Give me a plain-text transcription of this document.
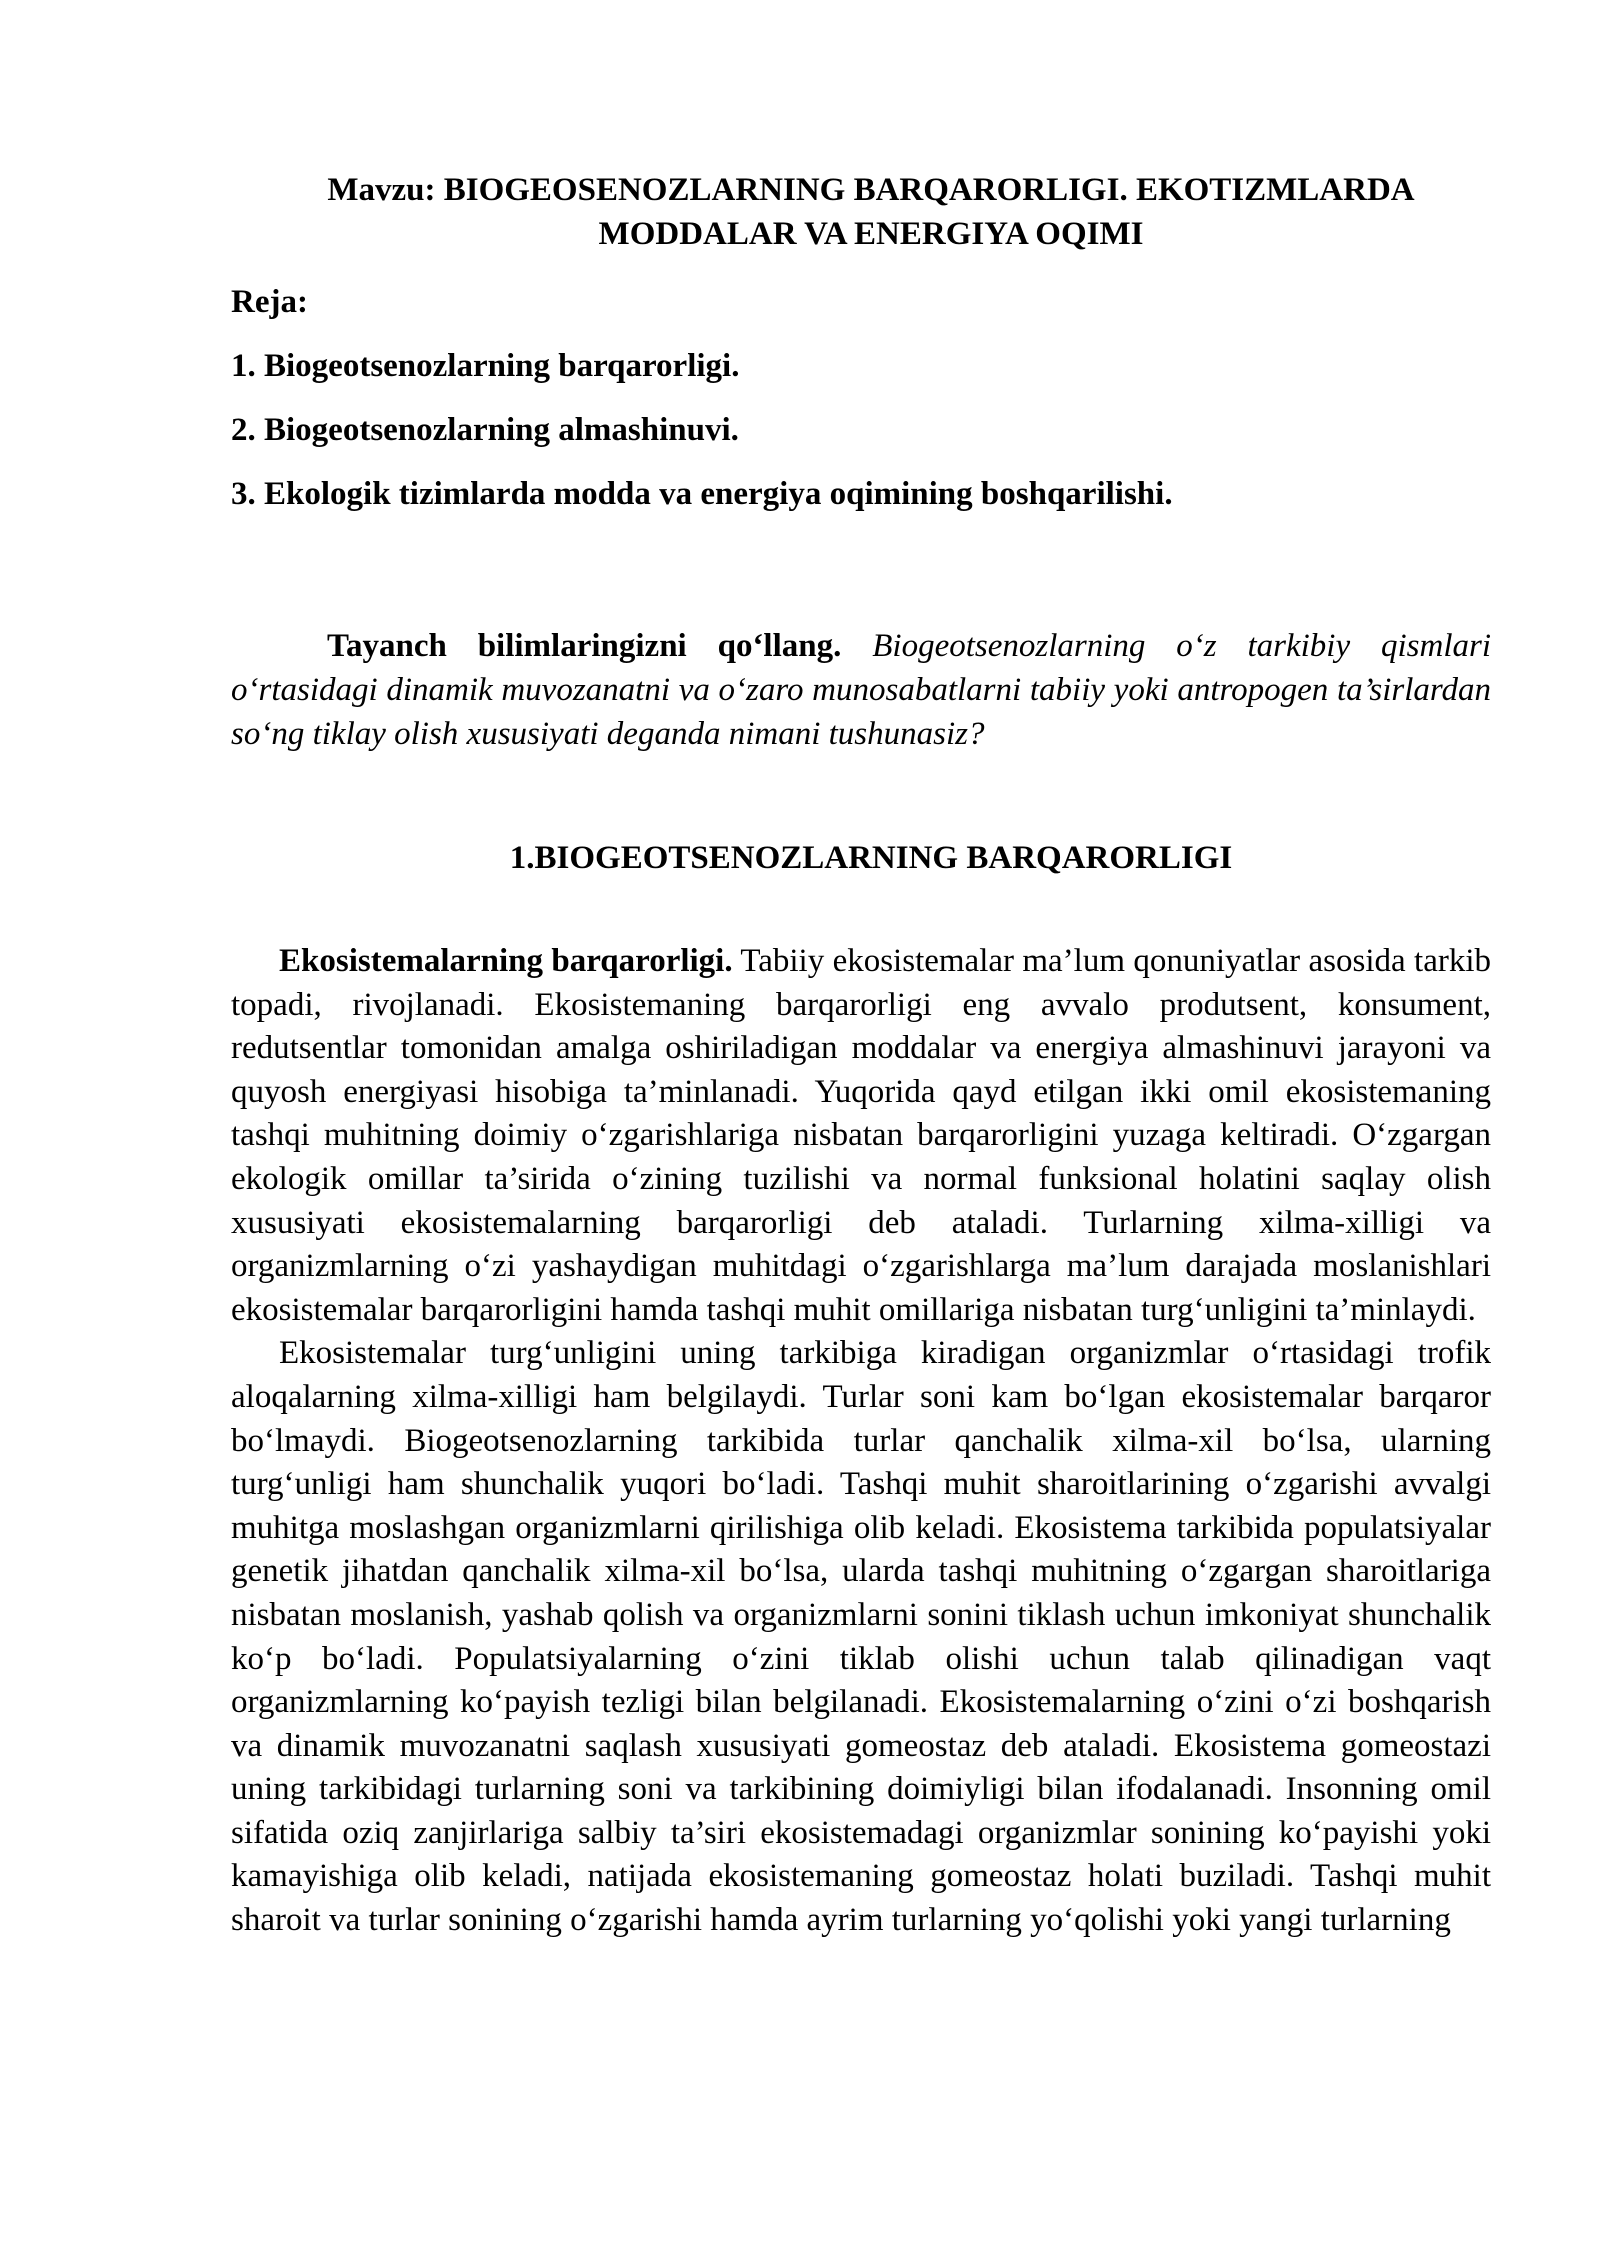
Mavzu: BIOGEOSENOZLARNING BARQARORLIGI. EKOTIZMLARDA
MODDALAR VA ENERGIYA OQIMI

Reja:

1. Biogeotsenozlarning barqarorligi.
2. Biogeotsenozlarning almashinuvi.
3. Ekologik tizimlarda modda va energiya oqimining boshqarilishi.

Tayanch bilimlaringizni qo‘llang. Biogeotsenozlarning o‘z tarkibiy qismlari o‘rtasidagi dinamik muvozanatni va o‘zaro munosabatlarni tabiiy yoki antropogen ta’sirlardan so‘ng tiklay olish xususiyati deganda nimani tushunasiz?

1.BIOGEOTSENOZLARNING BARQARORLIGI

Ekosistemalarning barqarorligi. Tabiiy ekosistemalar ma’lum qonuniyatlar asosida tarkib topadi, rivojlanadi. Ekosistemaning barqarorligi eng avvalo produtsent, konsument, redutsentlar tomonidan amalga oshiriladigan moddalar va energiya almashinuvi jarayoni va quyosh energiyasi hisobiga ta’minlanadi. Yuqorida qayd etilgan ikki omil ekosistemaning tashqi muhitning doimiy o‘zgarishlariga nisbatan barqarorligini yuzaga keltiradi. O‘zgargan ekologik omillar ta’sirida o‘zining tuzilishi va normal funksional holatini saqlay olish xususiyati ekosistemalarning barqarorligi deb ataladi. Turlarning xilma-xilligi va organizmlarning o‘zi yashaydigan muhitdagi o‘zgarishlarga ma’lum darajada moslanishlari ekosistemalar barqarorligini hamda tashqi muhit omillariga nisbatan turg‘unligini ta’minlaydi.

Ekosistemalar turg‘unligini uning tarkibiga kiradigan organizmlar o‘rtasidagi trofik aloqalarning xilma-xilligi ham belgilaydi. Turlar soni kam bo‘lgan ekosistemalar barqaror bo‘lmaydi. Biogeotsenozlarning tarkibida turlar qanchalik xilma-xil bo‘lsa, ularning turg‘unligi ham shunchalik yuqori bo‘ladi. Tashqi muhit sharoitlarining o‘zgarishi avvalgi muhitga moslashgan organizmlarni qirilishiga olib keladi. Ekosistema tarkibida populatsiyalar genetik jihatdan qanchalik xilma-xil bo‘lsa, ularda tashqi muhitning o‘zgargan sharoitlariga nisbatan moslanish, yashab qolish va organizmlarni sonini tiklash uchun imkoniyat shunchalik ko‘p bo‘ladi. Populatsiyalarning o‘zini tiklab olishi uchun talab qilinadigan vaqt organizmlarning ko‘payish tezligi bilan belgilanadi. Ekosistemalarning o‘zini o‘zi boshqarish va dinamik muvozanatni saqlash xususiyati gomeostaz deb ataladi. Ekosistema gomeostazi uning tarkibidagi turlarning soni va tarkibining doimiyligi bilan ifodalanadi. Insonning omil sifatida oziq zanjirlariga salbiy ta’siri ekosistemadagi organizmlar sonining ko‘payishi yoki kamayishiga olib keladi, natijada ekosistemaning gomeostaz holati buziladi. Tashqi muhit sharoit va turlar sonining o‘zgarishi hamda ayrim turlarning yo‘qolishi yoki yangi turlarning
